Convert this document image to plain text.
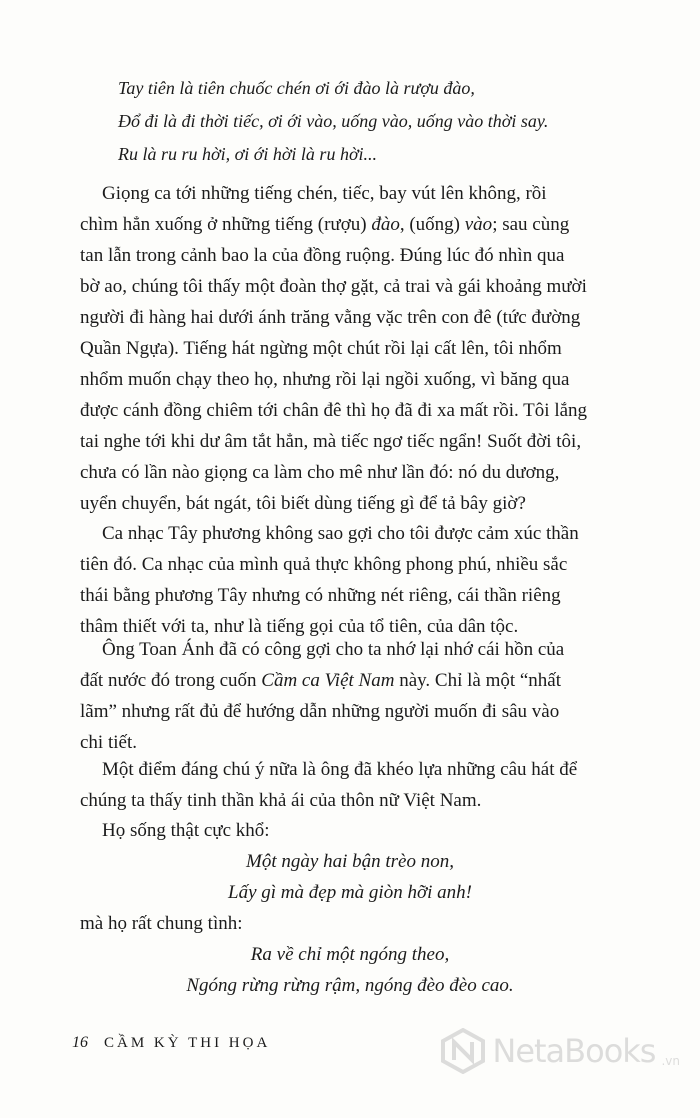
Tay tiên là tiên chuốc chén ơi ới đào là rượu đào,
Đổ đi là đi thời tiếc, ơi ới vào, uống vào, uống vào thời say.
Ru là ru ru hời, ơi ới hời là ru hời...
Giọng ca tới những tiếng chén, tiếc, bay vút lên không, rồi
chìm hẳn xuống ở những tiếng (rượu) đào, (uống) vào; sau cùng
tan lẫn trong cảnh bao la của đồng ruộng. Đúng lúc đó nhìn qua
bờ ao, chúng tôi thấy một đoàn thợ gặt, cả trai và gái khoảng mười
người đi hàng hai dưới ánh trăng vằng vặc trên con đê (tức đường
Quần Ngựa). Tiếng hát ngừng một chút rồi lại cất lên, tôi nhổm
nhổm muốn chạy theo họ, nhưng rồi lại ngồi xuống, vì băng qua
được cánh đồng chiêm tới chân đê thì họ đã đi xa mất rồi. Tôi lắng
tai nghe tới khi dư âm tắt hẳn, mà tiếc ngơ tiếc ngẩn! Suốt đời tôi,
chưa có lần nào giọng ca làm cho mê như lần đó: nó du dương,
uyển chuyển, bát ngát, tôi biết dùng tiếng gì để tả bây giờ?
Ca nhạc Tây phương không sao gợi cho tôi được cảm xúc thần
tiên đó. Ca nhạc của mình quả thực không phong phú, nhiều sắc
thái bằng phương Tây nhưng có những nét riêng, cái thần riêng
thâm thiết với ta, như là tiếng gọi của tổ tiên, của dân tộc.
Ông Toan Ánh đã có công gợi cho ta nhớ lại nhớ cái hồn của
đất nước đó trong cuốn Cầm ca Việt Nam này. Chỉ là một “nhất
lãm” nhưng rất đủ để hướng dẫn những người muốn đi sâu vào
chi tiết.
Một điểm đáng chú ý nữa là ông đã khéo lựa những câu hát để
chúng ta thấy tinh thần khả ái của thôn nữ Việt Nam.
Họ sống thật cực khổ:
Một ngày hai bận trèo non,
Lấy gì mà đẹp mà giòn hỡi anh!
mà họ rất chung tình:
Ra về chỉ một ngóng theo,
Ngóng rừng rừng rậm, ngóng đèo đèo cao.
16 CẦM KỲ THI HỌA	NetaBooks .vn
